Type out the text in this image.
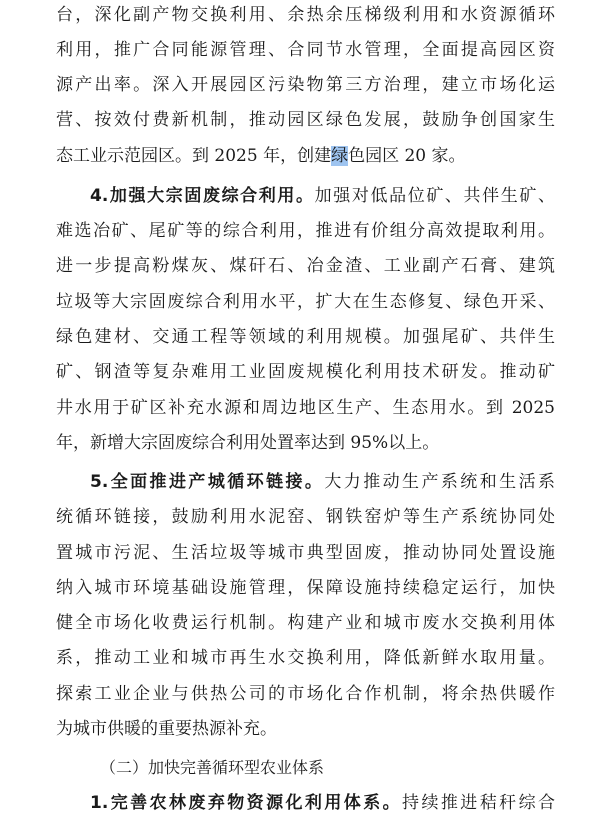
台，深化副产物交换利用、余热余压梯级利用和水资源循环
利用，推广合同能源管理、合同节水管理，全面提高园区资
源产出率。深入开展园区污染物第三方治理，建立市场化运
营、按效付费新机制，推动园区绿色发展，鼓励争创国家生
态工业示范园区。到 2025 年，创建绿色园区 20 家。
4.加强大宗固废综合利用。加强对低品位矿、共伴生矿、
难选冶矿、尾矿等的综合利用，推进有价组分高效提取利用。
进一步提高粉煤灰、煤矸石、冶金渣、工业副产石膏、建筑
垃圾等大宗固废综合利用水平，扩大在生态修复、绿色开采、
绿色建材、交通工程等领域的利用规模。加强尾矿、共伴生
矿、钢渣等复杂难用工业固废规模化利用技术研发。推动矿
井水用于矿区补充水源和周边地区生产、生态用水。到 2025
年，新增大宗固废综合利用处置率达到 95%以上。
5.全面推进产城循环链接。大力推动生产系统和生活系
统循环链接，鼓励利用水泥窑、钢铁窑炉等生产系统协同处
置城市污泥、生活垃圾等城市典型固废，推动协同处置设施
纳入城市环境基础设施管理，保障设施持续稳定运行，加快
健全市场化收费运行机制。构建产业和城市废水交换利用体
系，推动工业和城市再生水交换利用，降低新鲜水取用量。
探索工业企业与供热公司的市场化合作机制，将余热供暖作
为城市供暖的重要热源补充。
（二）加快完善循环型农业体系
1.完善农林废弃物资源化利用体系。持续推进秸秆综合
